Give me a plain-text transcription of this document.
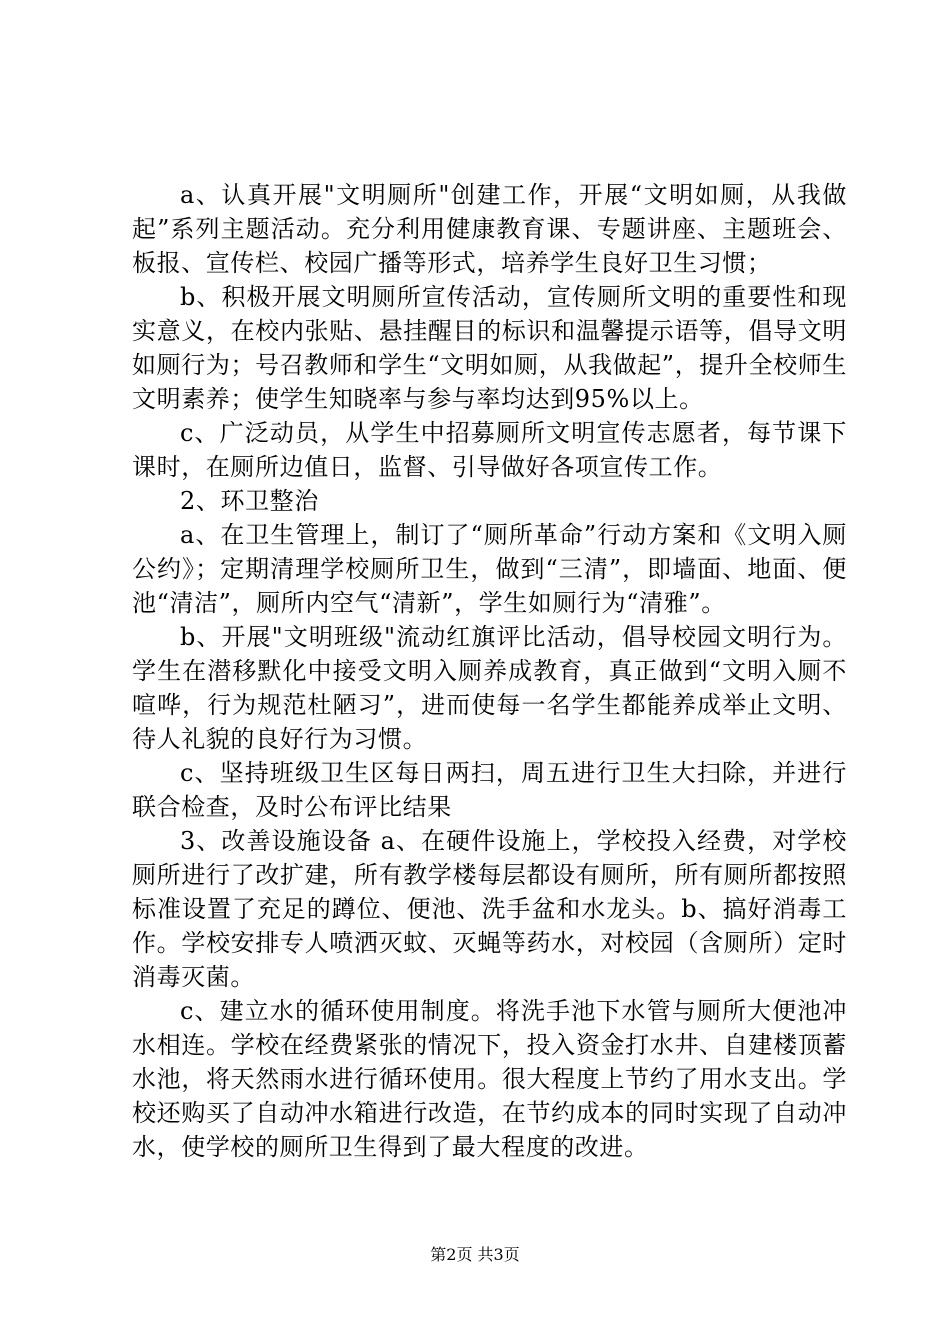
a、认真开展"文明厕所"创建工作，开展“文明如厕，从我做起”系列主题活动。充分利用健康教育课、专题讲座、主题班会、板报、宣传栏、校园广播等形式，培养学生良好卫生习惯；

b、积极开展文明厕所宣传活动，宣传厕所文明的重要性和现实意义，在校内张贴、悬挂醒目的标识和温馨提示语等，倡导文明如厕行为；号召教师和学生“文明如厕，从我做起”，提升全校师生文明素养；使学生知晓率与参与率均达到95%以上。

c、广泛动员，从学生中招募厕所文明宣传志愿者，每节课下课时，在厕所边值日，监督、引导做好各项宣传工作。

2、环卫整治

a、在卫生管理上，制订了“厕所革命”行动方案和《文明入厕公约》；定期清理学校厕所卫生，做到“三清”，即墙面、地面、便池“清洁”，厕所内空气“清新”，学生如厕行为“清雅”。

b、开展"文明班级"流动红旗评比活动，倡导校园文明行为。学生在潜移默化中接受文明入厕养成教育，真正做到“文明入厕不喧哗，行为规范杜陋习”，进而使每一名学生都能养成举止文明、待人礼貌的良好行为习惯。

c、坚持班级卫生区每日两扫，周五进行卫生大扫除，并进行联合检查，及时公布评比结果

3、改善设施设备 a、在硬件设施上，学校投入经费，对学校厕所进行了改扩建，所有教学楼每层都设有厕所，所有厕所都按照标准设置了充足的蹲位、便池、洗手盆和水龙头。b、搞好消毒工作。学校安排专人喷洒灭蚊、灭蝇等药水，对校园（含厕所）定时消毒灭菌。

c、建立水的循环使用制度。将洗手池下水管与厕所大便池冲水相连。学校在经费紧张的情况下，投入资金打水井、自建楼顶蓄水池，将天然雨水进行循环使用。很大程度上节约了用水支出。学校还购买了自动冲水箱进行改造，在节约成本的同时实现了自动冲水，使学校的厕所卫生得到了最大程度的改进。

第2页 共3页
